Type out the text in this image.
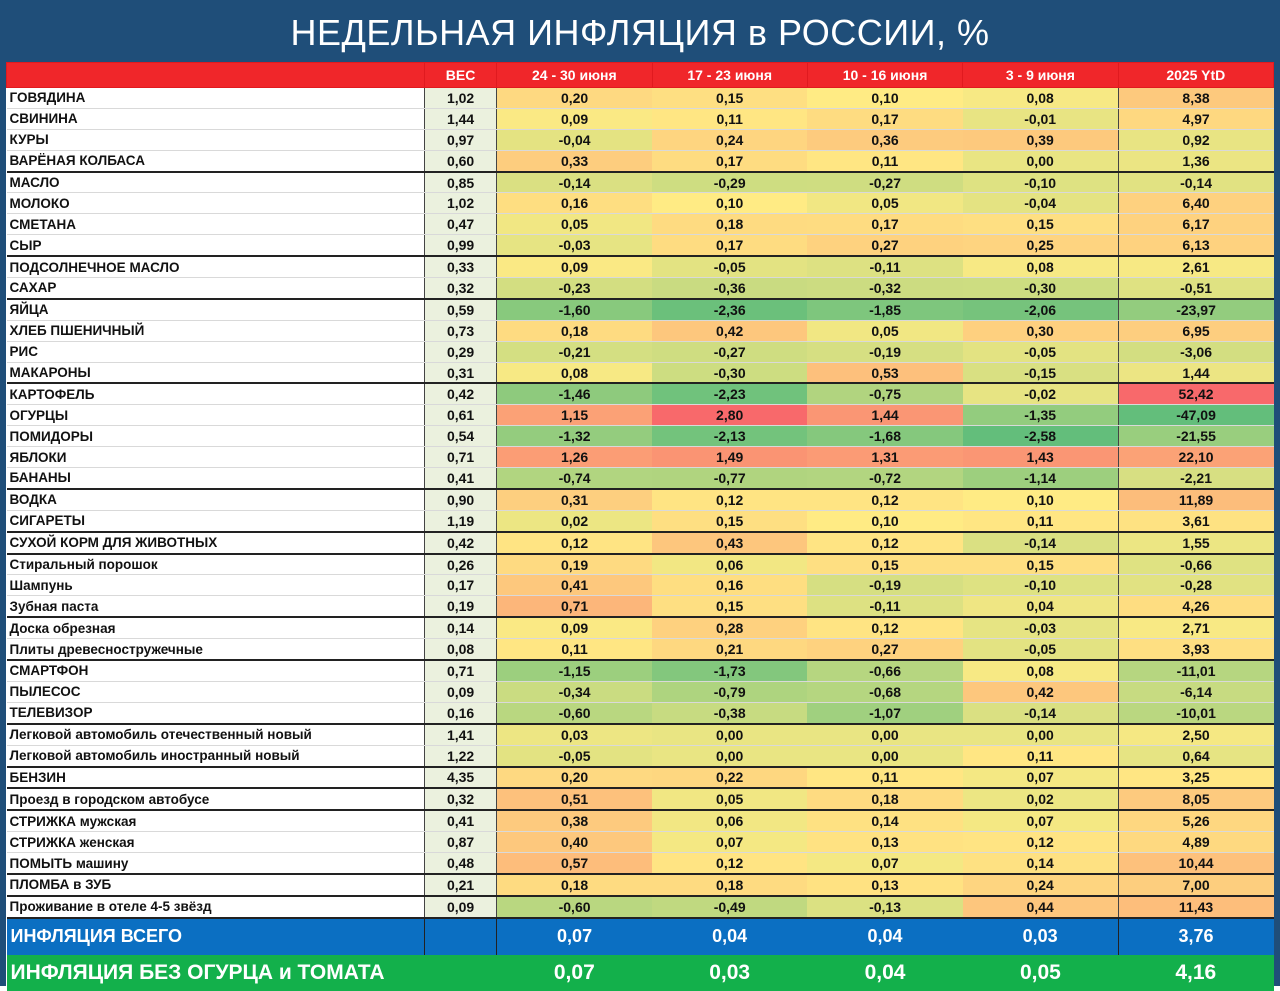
НЕДЕЛЬНАЯ ИНФЛЯЦИЯ в РОССИИ, %
	ВЕС	24 - 30 июня	17 - 23 июня	10 - 16 июня	3 - 9 июня	2025 YtD
ГОВЯДИНА	1,02	0,20	0,15	0,10	0,08	8,38
СВИНИНА	1,44	0,09	0,11	0,17	-0,01	4,97
КУРЫ	0,97	-0,04	0,24	0,36	0,39	0,92
ВАРЁНАЯ КОЛБАСА	0,60	0,33	0,17	0,11	0,00	1,36
МАСЛО	0,85	-0,14	-0,29	-0,27	-0,10	-0,14
МОЛОКО	1,02	0,16	0,10	0,05	-0,04	6,40
СМЕТАНА	0,47	0,05	0,18	0,17	0,15	6,17
СЫР	0,99	-0,03	0,17	0,27	0,25	6,13
ПОДСОЛНЕЧНОЕ МАСЛО	0,33	0,09	-0,05	-0,11	0,08	2,61
САХАР	0,32	-0,23	-0,36	-0,32	-0,30	-0,51
ЯЙЦА	0,59	-1,60	-2,36	-1,85	-2,06	-23,97
ХЛЕБ ПШЕНИЧНЫЙ	0,73	0,18	0,42	0,05	0,30	6,95
РИС	0,29	-0,21	-0,27	-0,19	-0,05	-3,06
МАКАРОНЫ	0,31	0,08	-0,30	0,53	-0,15	1,44
КАРТОФЕЛЬ	0,42	-1,46	-2,23	-0,75	-0,02	52,42
ОГУРЦЫ	0,61	1,15	2,80	1,44	-1,35	-47,09
ПОМИДОРЫ	0,54	-1,32	-2,13	-1,68	-2,58	-21,55
ЯБЛОКИ	0,71	1,26	1,49	1,31	1,43	22,10
БАНАНЫ	0,41	-0,74	-0,77	-0,72	-1,14	-2,21
ВОДКА	0,90	0,31	0,12	0,12	0,10	11,89
СИГАРЕТЫ	1,19	0,02	0,15	0,10	0,11	3,61
СУХОЙ КОРМ ДЛЯ ЖИВОТНЫХ	0,42	0,12	0,43	0,12	-0,14	1,55
Стиральный порошок	0,26	0,19	0,06	0,15	0,15	-0,66
Шампунь	0,17	0,41	0,16	-0,19	-0,10	-0,28
Зубная паста	0,19	0,71	0,15	-0,11	0,04	4,26
Доска обрезная	0,14	0,09	0,28	0,12	-0,03	2,71
Плиты древесностружечные	0,08	0,11	0,21	0,27	-0,05	3,93
СМАРТФОН	0,71	-1,15	-1,73	-0,66	0,08	-11,01
ПЫЛЕСОС	0,09	-0,34	-0,79	-0,68	0,42	-6,14
ТЕЛЕВИЗОР	0,16	-0,60	-0,38	-1,07	-0,14	-10,01
Легковой автомобиль отечественный новый	1,41	0,03	0,00	0,00	0,00	2,50
Легковой автомобиль иностранный новый	1,22	-0,05	0,00	0,00	0,11	0,64
БЕНЗИН	4,35	0,20	0,22	0,11	0,07	3,25
Проезд в городском автобусе	0,32	0,51	0,05	0,18	0,02	8,05
СТРИЖКА мужская	0,41	0,38	0,06	0,14	0,07	5,26
СТРИЖКА женская	0,87	0,40	0,07	0,13	0,12	4,89
ПОМЫТЬ машину	0,48	0,57	0,12	0,07	0,14	10,44
ПЛОМБА в ЗУБ	0,21	0,18	0,18	0,13	0,24	7,00
Проживание в отеле 4-5 звёзд	0,09	-0,60	-0,49	-0,13	0,44	11,43
ИНФЛЯЦИЯ ВСЕГО		0,07	0,04	0,04	0,03	3,76
ИНФЛЯЦИЯ БЕЗ ОГУРЦА и ТОМАТА		0,07	0,03	0,04	0,05	4,16
